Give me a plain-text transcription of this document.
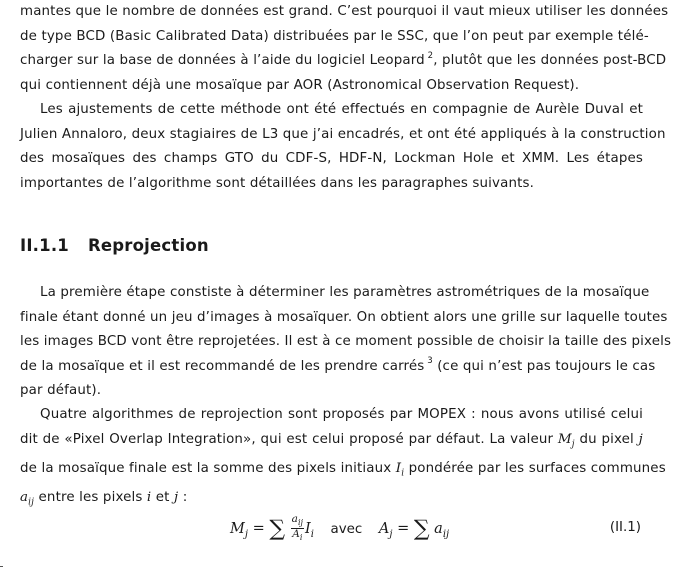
mantes que le nombre de données est grand. C’est pourquoi il vaut mieux utiliser les données
de type BCD (Basic Calibrated Data) distribuées par le SSC, que l’on peut par exemple télé-
charger sur la base de données à l’aide du logiciel Leopard  $^2$, plutôt que les données post-BCD
qui contiennent déjà une mosaïque par AOR (Astronomical Observation Request).
Les ajustements de cette méthode ont été effectués en compagnie de Aurèle Duval et
Julien Annaloro, deux stagiaires de L3 que j’ai encadrés, et ont été appliqués à la construction
des mosaïques des champs GTO du CDF-S, HDF-N, Lockman Hole et XMM. Les étapes
importantes de l’algorithme sont détaillées dans les paragraphes suivants.
II.1.1 Reprojection
La première étape constiste à déterminer les paramètres astrométriques de la mosaïque
finale étant donné un jeu d’images à mosaïquer. On obtient alors une grille sur laquelle toutes
les images BCD vont être reprojetées. Il est à ce moment possible de choisir la taille des pixels
de la mosaïque et il est recommandé de les prendre carrés  $^3$ (ce qui n’est pas toujours le cas
par défaut).
Quatre algorithmes de reprojection sont proposés par MOPEX : nous avons utilisé celui
dit de «Pixel Overlap Integration», qui est celui proposé par défaut. La valeur $M_j$ du pixel j
de la mosaïque finale est la somme des pixels initiaux $I_i$ pondérée par les surfaces communes
$a_{ij}$ entre les pixels i et j :
$M_j$ = ∑ $\frac{a_{ij}}{A_i} I_i$ avec $A_j$ = ∑ $a_{ij}$	(II.1)
